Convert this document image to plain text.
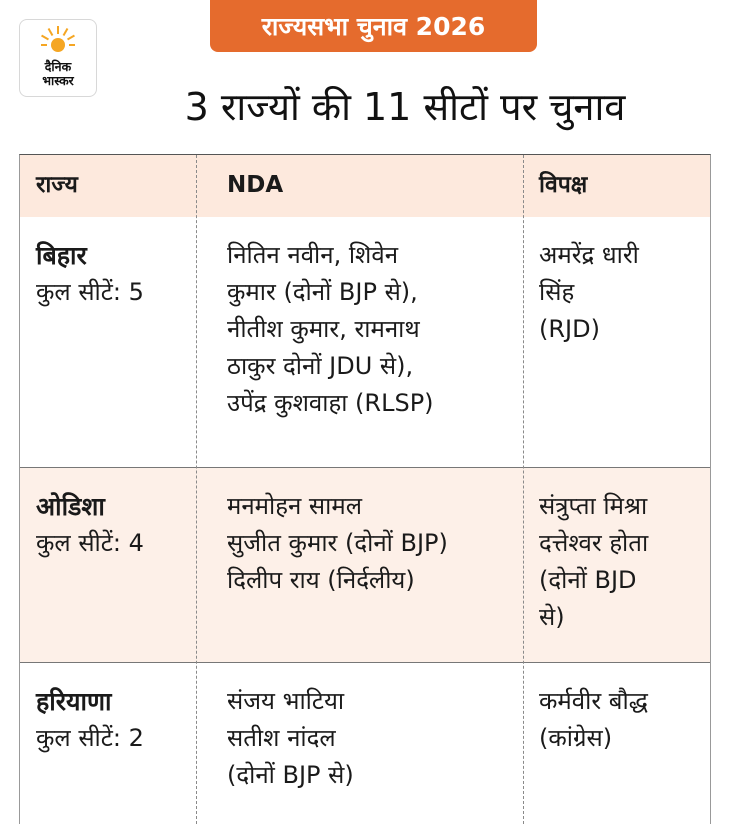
दैनिक
भास्कर
राज्यसभा चुनाव 2026
3 राज्यों की 11 सीटों पर चुनाव
राज्य	NDA	विपक्ष
बिहार
कुल सीटें: 5
नितिन नवीन, शिवेन
कुमार (दोनों BJP से),
नीतीश कुमार, रामनाथ
ठाकुर दोनों JDU से),
उपेंद्र कुशवाहा (RLSP)
अमरेंद्र धारी
सिंह
(RJD)
ओडिशा
कुल सीटें: 4
मनमोहन सामल
सुजीत कुमार (दोनों BJP)
दिलीप राय (निर्दलीय)
संत्रुप्ता मिश्रा
दत्तेश्वर होता
(दोनों BJD
से)
हरियाणा
कुल सीटें: 2
संजय भाटिया
सतीश नांदल
(दोनों BJP से)
कर्मवीर बौद्ध
(कांग्रेस)
